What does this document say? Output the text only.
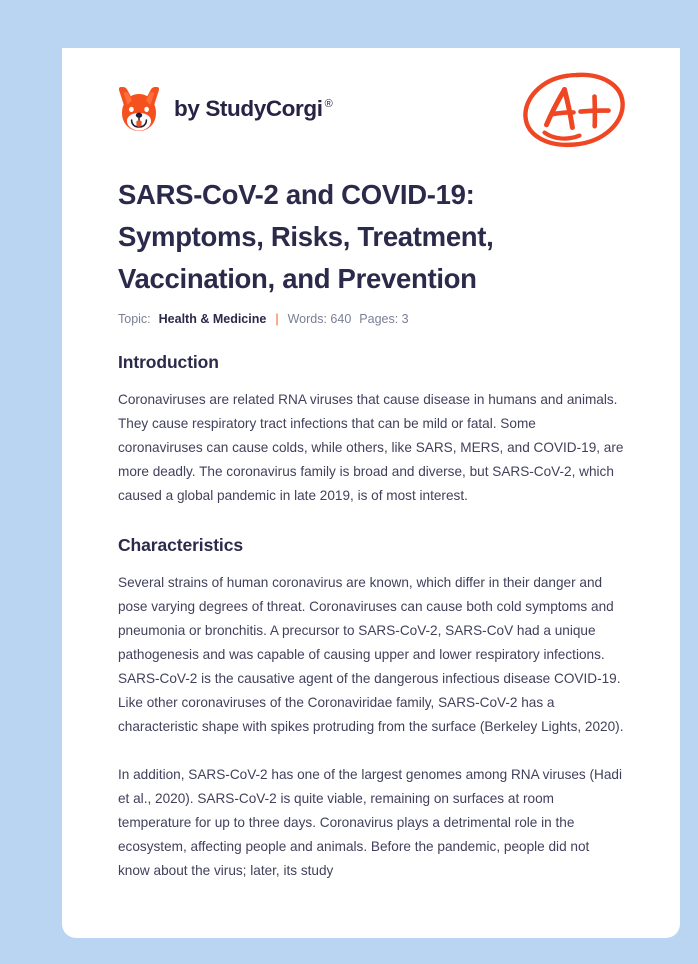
by StudyCorgi ®
SARS-CoV-2 and COVID-19: Symptoms, Risks, Treatment, Vaccination, and Prevention
Topic: Health & Medicine | Words: 640 Pages: 3
Introduction

Coronaviruses are related RNA viruses that cause disease in humans and animals. They cause respiratory tract infections that can be mild or fatal. Some coronaviruses can cause colds, while others, like SARS, MERS, and COVID-19, are more deadly. The coronavirus family is broad and diverse, but SARS-CoV-2, which caused a global pandemic in late 2019, is of most interest.

Characteristics

Several strains of human coronavirus are known, which differ in their danger and pose varying degrees of threat. Coronaviruses can cause both cold symptoms and pneumonia or bronchitis. A precursor to SARS-CoV-2, SARS-CoV had a unique pathogenesis and was capable of causing upper and lower respiratory infections. SARS-CoV-2 is the causative agent of the dangerous infectious disease COVID-19. Like other coronaviruses of the Coronaviridae family, SARS-CoV-2 has a characteristic shape with spikes protruding from the surface (Berkeley Lights, 2020).

In addition, SARS-CoV-2 has one of the largest genomes among RNA viruses (Hadi et al., 2020). SARS-CoV-2 is quite viable, remaining on surfaces at room temperature for up to three days. Coronavirus plays a detrimental role in the ecosystem, affecting people and animals. Before the pandemic, people did not know about the virus; later, its study
